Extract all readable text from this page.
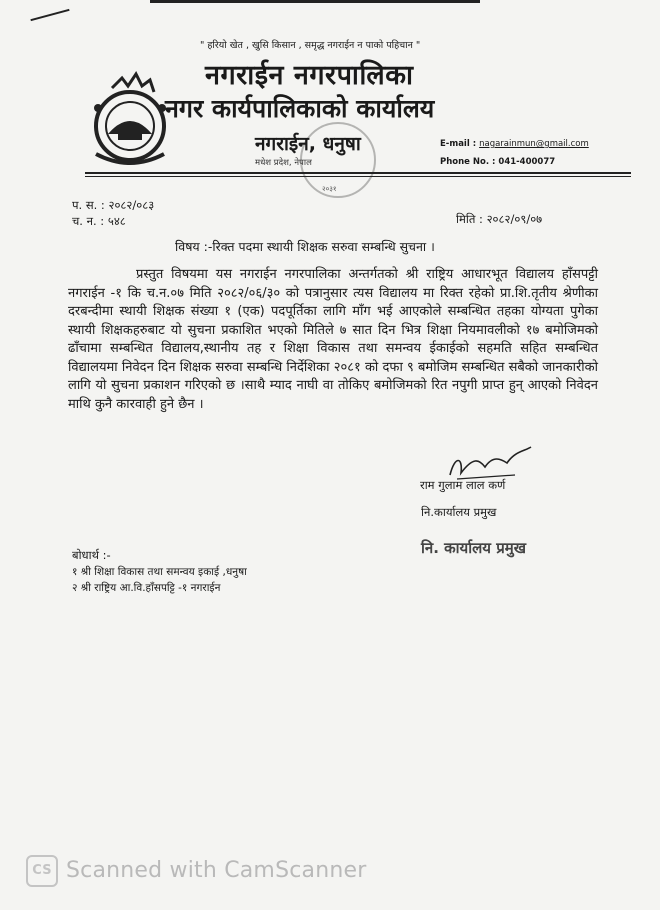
" हरियो खेत , खुसि किसान , समृद्ध नगराईन न पाको पहिचान "
नगराईन नगरपालिका
नगर कार्यपालिकाको कार्यालय
नगराईन, धनुषा
मधेश प्रदेश, नेपाल
२०३१
E-mail : nagarainmun@gmail.com
Phone No. : 041-400077
प. स. : २०८२/०८३
च. न. : ५४८	मिति : २०८२/०९/०७
विषय :-रिक्त पदमा स्थायी शिक्षक सरुवा सम्बन्धि सुचना ।
प्रस्तुत विषयमा यस नगराईन नगरपालिका अन्तर्गतको श्री राष्ट्रिय आधारभूत विद्यालय हाँसपट्टी नगराईन -१ कि च.न.०७ मिति २०८२/०६/३० को पत्रानुसार त्यस विद्यालय मा रिक्त रहेको प्रा.शि.तृतीय श्रेणीका दरबन्दीमा स्थायी शिक्षक संख्या १ (एक) पदपूर्तिका लागि माँग भई आएकोले सम्बन्धित तहका योग्यता पुगेका स्थायी शिक्षकहरुबाट यो सुचना प्रकाशित भएको मितिले ७ सात दिन भित्र शिक्षा नियमावलीको १७ बमोजिमको ढाँचामा सम्बन्धित विद्यालय,स्थानीय तह र शिक्षा विकास तथा समन्वय ईकाईको सहमति सहित सम्बन्धित विद्यालयमा निवेदन दिन शिक्षक सरुवा सम्बन्धि निर्देशिका २०८१ को दफा ९ बमोजिम सम्बन्धित सबैको जानकारीको लागि यो सुचना प्रकाशन गरिएको छ ।साथै म्याद नाघी वा तोकिए बमोजिमको रित नपुगी प्राप्त हुन् आएको निवेदन माथि कुनै कारवाही हुने छैन ।
राम गुलाम लाल कर्ण
नि.कार्यालय प्रमुख
नि. कार्यालय प्रमुख
बोधार्थ :-
१ श्री शिक्षा विकास तथा समन्वय इकाई ,धनुषा
२ श्री राष्ट्रिय आ.वि.हाँसपट्टि -१ नगराईन
CS Scanned with CamScanner
